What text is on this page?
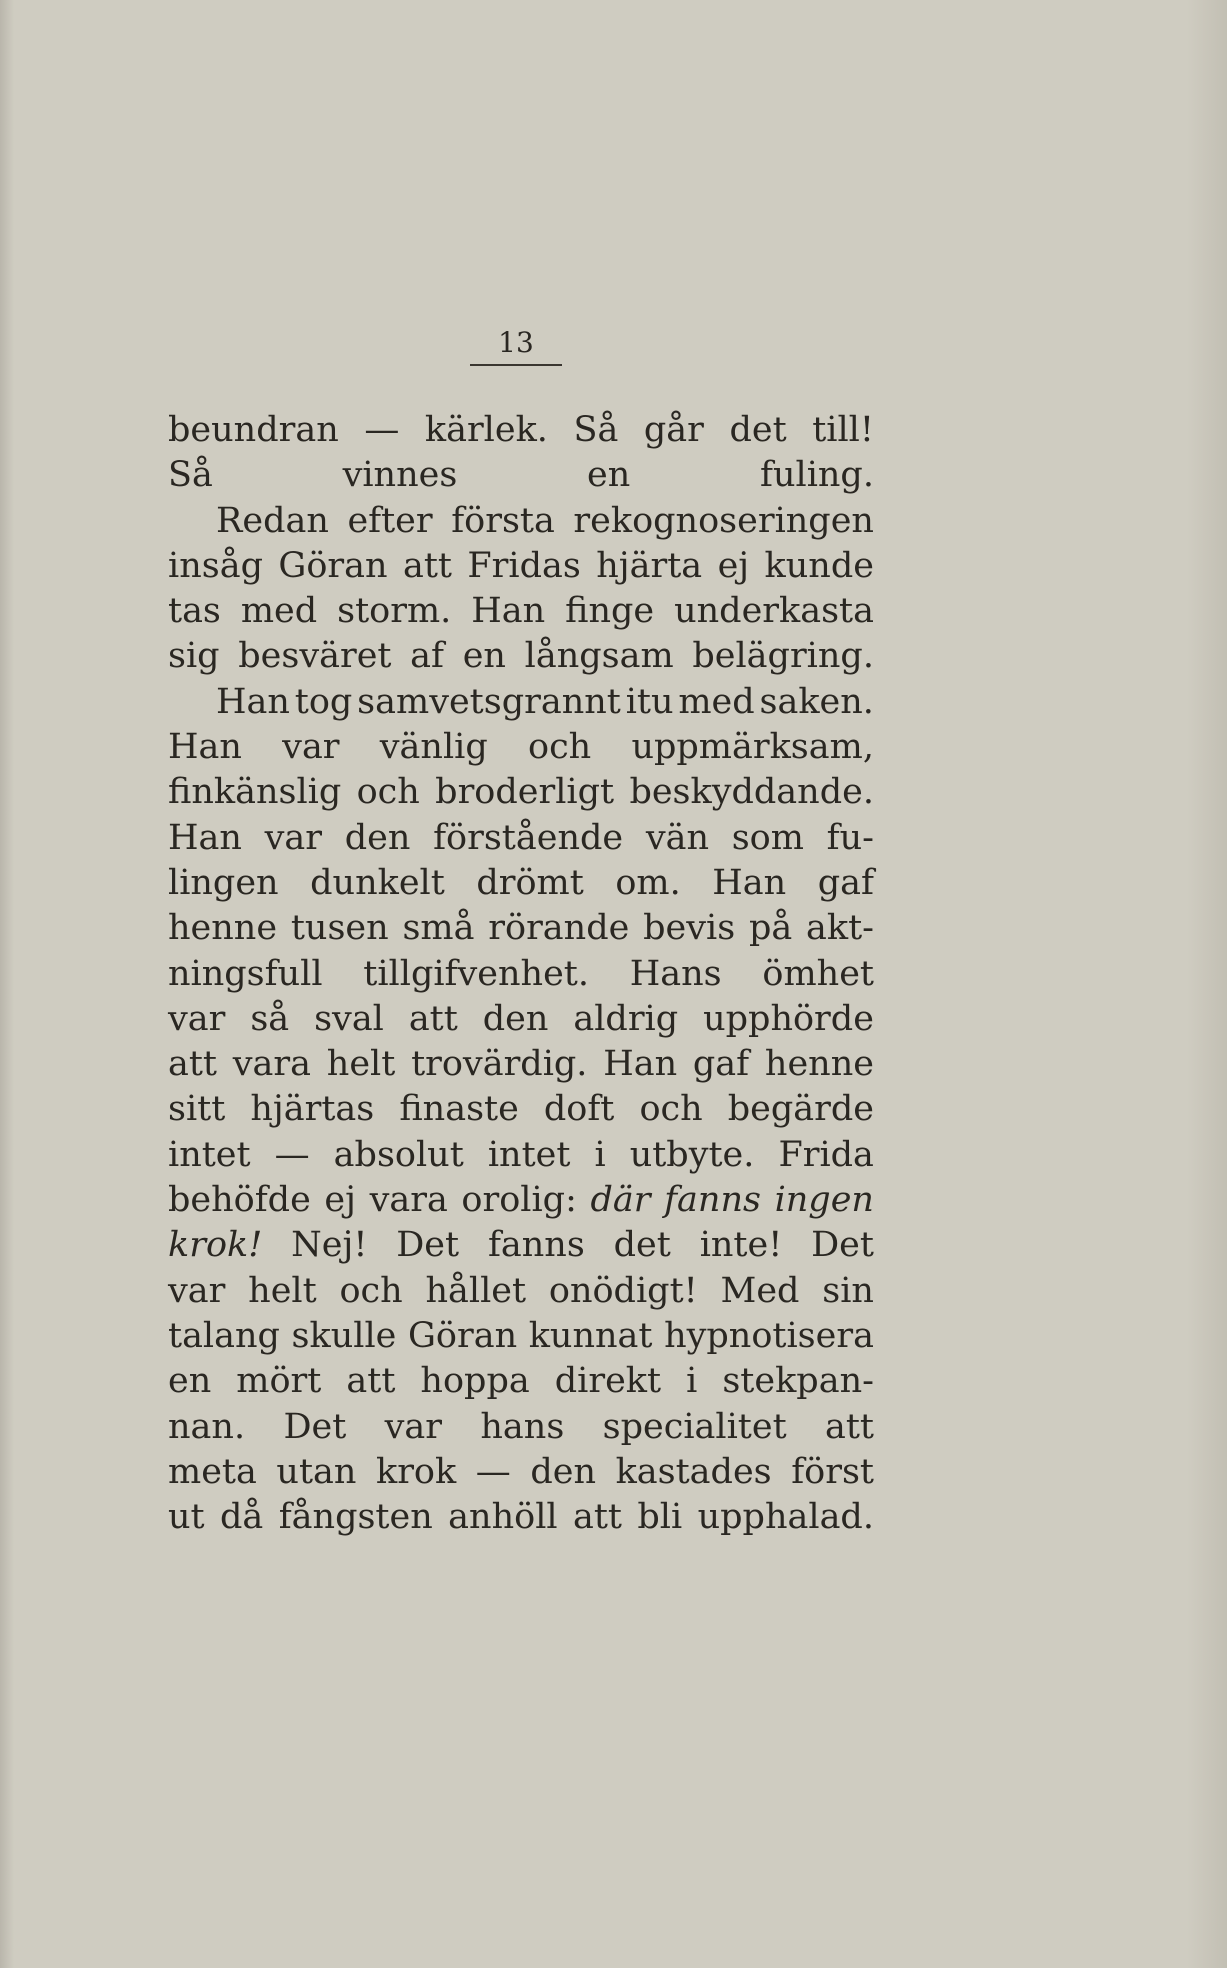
13
beundran — kärlek. Så går det till!
Så	vinnes	en	fuling.
Redan efter första rekognoseringen
insåg Göran att Fridas hjärta ej kunde
tas med storm. Han finge underkasta
sig besväret af en långsam belägring.
Han tog samvetsgrannt itu med saken.
Han var vänlig och uppmärksam,
finkänslig och broderligt beskyddande.
Han var den förstående vän som fu-
lingen dunkelt drömt om. Han gaf
henne tusen små rörande bevis på akt-
ningsfull tillgifvenhet. Hans ömhet
var så sval att den aldrig upphörde
att vara helt trovärdig. Han gaf henne
sitt hjärtas finaste doft och begärde
intet — absolut intet i utbyte. Frida
behöfde ej vara orolig: där fanns ingen
krok! Nej! Det fanns det inte! Det
var helt och hållet onödigt! Med sin
talang skulle Göran kunnat hypnotisera
en mört att hoppa direkt i stekpan-
nan. Det var hans specialitet att
meta utan krok — den kastades först
ut då fångsten anhöll att bli upphalad.
